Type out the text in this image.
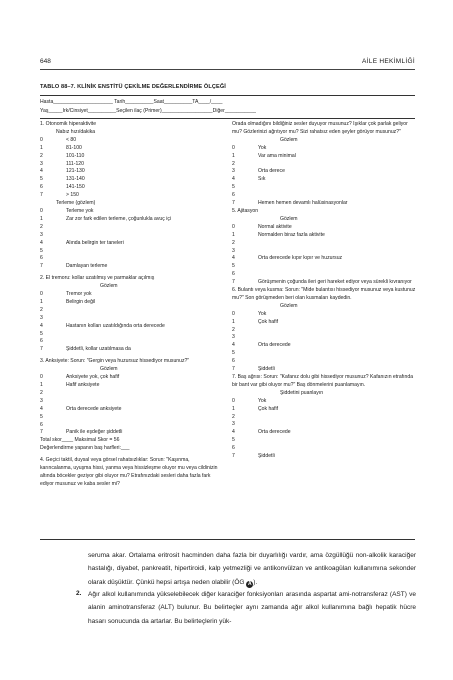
648	AİLE HEKİMLİĞİ
TABLO 88–7. KLİNİK ENSTİTÜ ÇEKİLME DEĞERLENDİRME ÖLÇEĞİ
Hasta_____________________ Tarih__________Saat__________TA____/____
Yaş_____Irk/Cinsiyet__________Seçilen ilaç (Primer)__________________Diğer___________
1. Otonomik hiperaktivite
Nabız hızı/dakika
0	< 80
1	81-100
2	101-110
3	111-120
4	121-130
5	131-140
6	141-150
7	> 150
Terleme (gözlem)
0	Terleme yok
1	Zar zor fark edilen terleme, çoğunlukla avuç içi
2
3
4	Alında belirgin ter taneleri
5
6
7	Damlayan terleme
2. El tremoru: kollar uzatılmış ve parmaklar açılmış
Gözlem
0	Tremor yok
1	Belirgin değil
2
3
4	Hastanın kolları uzatıldığında orta derecede
5
6
7	Şiddetli, kollar uzatılmasa da
3. Anksiyete: Sorun: "Gergin veya huzursuz hissediyor musunuz?"
Gözlem
0	Anksiyete yok, çok hafif
1	Hafif anksiyete
2
3
4	Orta derecede anksiyete
5
6
7	Panik ile eşdeğer şiddetli
Total skor____ Maksimal Skor = 56
Değerlendirme yapanın baş harfleri:___
4. Geçici taktil, duysal veya görsel rahatsızlıklar: Sorun: "Kaşınma, karıncalanma, uyuşma hissi, yanma veya hissizleşme oluyor mu veya cildinizin altında böcekler geziyor gibi oluyor mu? Etrafınızdaki sesleri daha fazla fark ediyor musunuz ve kaba sesler mi?
Orada olmadığını bildiğiniz sesler duyuyor musunuz? Işıklar çok parlak geliyor mu? Gözlerinizi ağrıtıyor mu? Sizi rahatsız eden şeyler görüyor musunuz?"
Gözlem
0	Yok
1	Var ama minimal
2
3	Orta derece
4	Sık
5
6
7	Hemen hemen devamlı halüsinasyonlar
5. Ajitasyon
Gözlem
0	Normal aktivite
1	Normalden biraz fazla aktivite
2
3
4	Orta derecede kıpır kıpır ve huzursuz
5
6
7	Görüşmenin çoğunda ileri geri hareket ediyor veya sürekli kıvranıyor
6. Bulantı veya kusma: Sorun: "Mide bulantısı hissediyor musunuz veya kustunuz mu?" Son görüşmeden beri olan kusmaları kaydedin.
Gözlem
0	Yok
1	Çok hafif
2
3
4	Orta derecede
5
6
7	Şiddetli
7. Baş ağrısı: Sorun: "Kafanız dolu gibi hissediyor musunuz? Kafanızın etrafında bir bant var gibi oluyor mu?" Baş dönmelerini puanlamayın.
Şiddetini puanlayın
0	Yok
1	Çok hafif
2
3
4	Orta derecede
5
6
7	Şiddetli

seruma akar. Ortalama eritrosit hacminden daha fazla bir duyarlılığı vardır, ama özgüllüğü non-alkolik karaciğer hastalığı, diyabet, pankreatit, hipertiroidi, kalp yetmezliği ve antikonvülzan ve antikoagülan kullanımına sekonder olarak düşüktür. Çünkü hepsi artışa neden olabilir (ÖG A ).

2. Ağır alkol kullanımında yükselebilecek diğer karaciğer fonksiyonları arasında aspartat ami-notransferaz (AST) ve alanin aminotransferaz (ALT) bulunur. Bu belirteçler aynı zamanda ağır alkol kullanımına bağlı hepatik hücre hasarı sonucunda da artarlar. Bu belirteçlerin yük-
